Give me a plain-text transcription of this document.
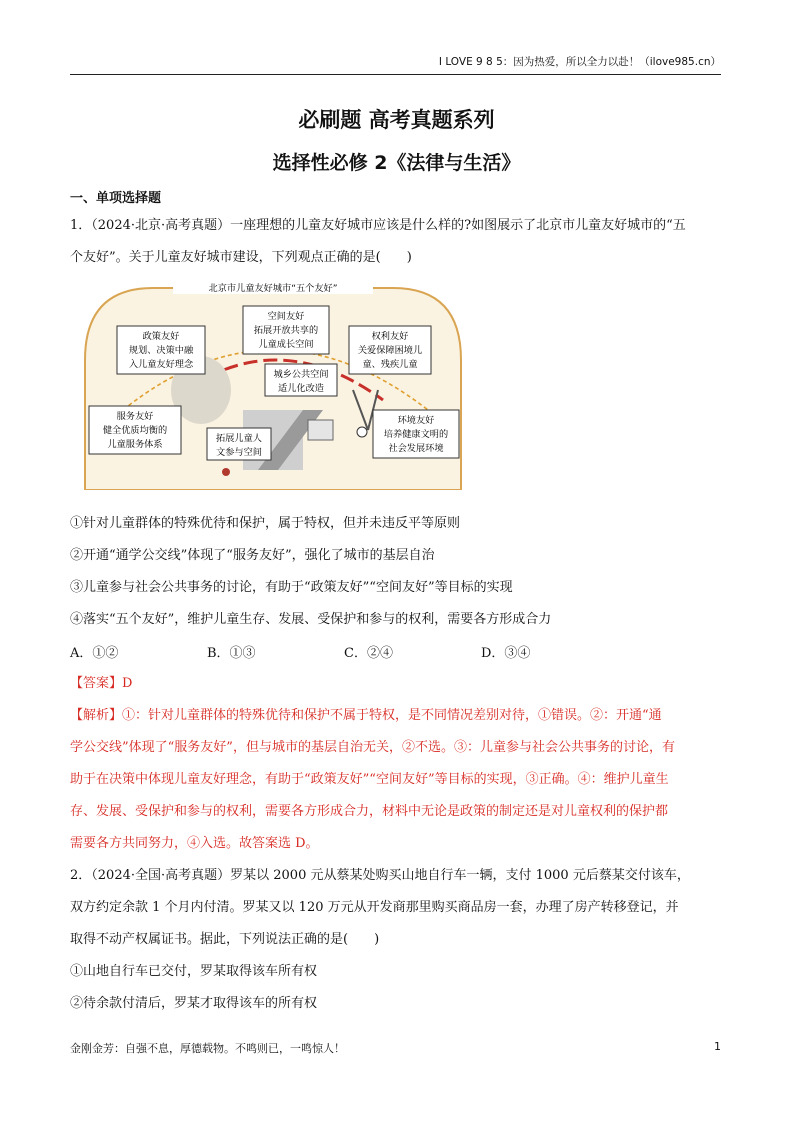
I LOVE 9 8 5：因为热爱，所以全力以赴！（ilove985.cn）
必刷题 高考真题系列
选择性必修 2《法律与生活》
一、单项选择题
1．（2024·北京·高考真题）一座理想的儿童友好城市应该是什么样的?如图展示了北京市儿童友好城市的“五
个友好”。关于儿童友好城市建设，下列观点正确的是(　　)
北京市儿童友好城市“五个友好”
政策友好
规划、决策中融
入儿童友好理念
空间友好
拓展开放共享的
儿童成长空间
权利友好
关爱保障困境儿
童、残疾儿童
城乡公共空间
适儿化改造
服务友好
健全优质均衡的
儿童服务体系
拓展儿童人
文参与空间
环境友好
培养健康文明的
社会发展环境
①针对儿童群体的特殊优待和保护，属于特权，但并未违反平等原则
②开通“通学公交线”体现了“服务友好”，强化了城市的基层自治
③儿童参与社会公共事务的讨论，有助于“政策友好”“空间友好”等目标的实现
④落实“五个友好”，维护儿童生存、发展、受保护和参与的权利，需要各方形成合力
A．①②	B．①③	C．②④	D．③④
【答案】D
【解析】①：针对儿童群体的特殊优待和保护不属于特权，是不同情况差别对待，①错误。②：开通“通
学公交线”体现了“服务友好”，但与城市的基层自治无关，②不选。③：儿童参与社会公共事务的讨论，有
助于在决策中体现儿童友好理念，有助于“政策友好”“空间友好”等目标的实现，③正确。④：维护儿童生
存、发展、受保护和参与的权利，需要各方形成合力，材料中无论是政策的制定还是对儿童权利的保护都
需要各方共同努力，④入选。故答案选 D。
2．（2024·全国·高考真题）罗某以 2000 元从蔡某处购买山地自行车一辆，支付 1000 元后蔡某交付该车，
双方约定余款 1 个月内付清。罗某又以 120 万元从开发商那里购买商品房一套，办理了房产转移登记，并
取得不动产权属证书。据此，下列说法正确的是(　　)
①山地自行车已交付，罗某取得该车所有权
②待余款付清后，罗某才取得该车的所有权
金刚金芳：自强不息，厚德载物。不鸣则已，一鸣惊人！	1
